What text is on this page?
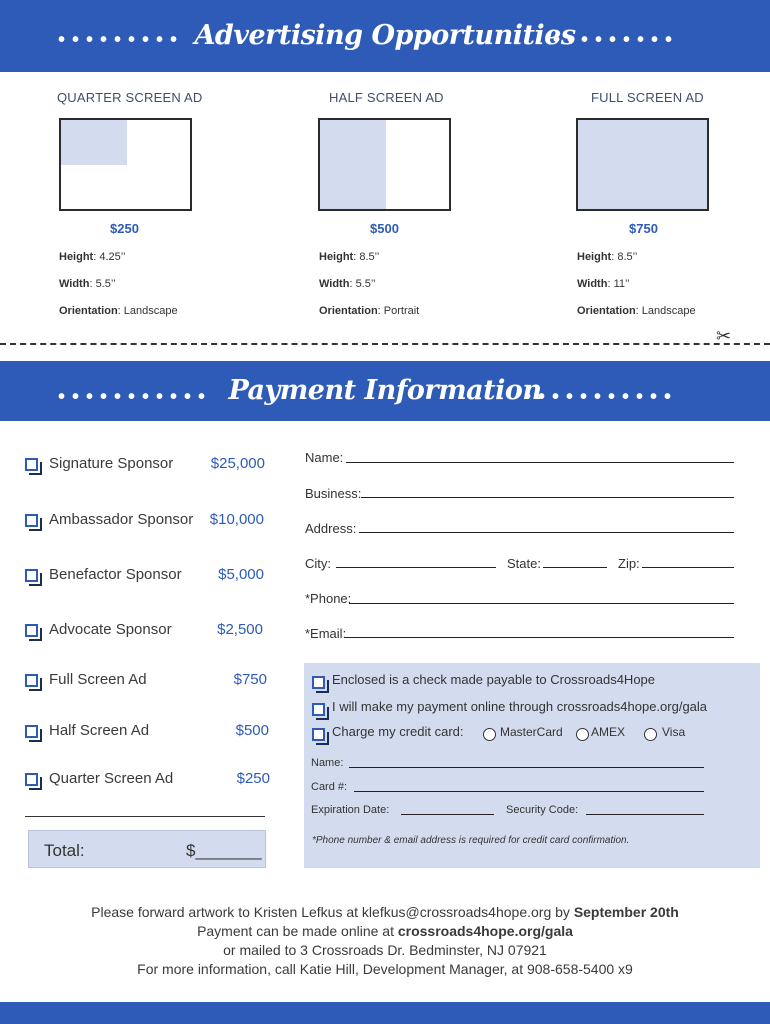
••••••••• Advertising Opportunities
•••••••••
QUARTER SCREEN AD
$250
Height: 4.25’’
Width: 5.5’’
Orientation: Landscape
HALF SCREEN AD
$500
Height: 8.5’’
Width: 5.5’’
Orientation: Portrait
FULL SCREEN AD
$750
Height: 8.5’’
Width: 11’’
Orientation: Landscape
✂
••••••••••• Payment Information
•••••••••••
Signature Sponsor	$25,000
Ambassador Sponsor $10,000
Benefactor Sponsor $5,000
Advocate Sponsor	$2,500
Full Screen Ad	$750
Half Screen Ad	$500
Quarter Screen Ad	$250
Total:	$_______
Name:
Business:
Address:
City:	State:	Zip:
*Phone:
*Email:
Enclosed is a check made payable to Crossroads4Hope
I will make my payment online through crossroads4hope.org/gala
Charge my credit card:	MasterCard AMEX	Visa
Name:
Card #:
Expiration Date:	Security Code:
*Phone number & email address is required for credit card confirmation.
Please forward artwork to Kristen Lefkus at klefkus@crossroads4hope.org by September 20th
Payment can be made online at crossroads4hope.org/gala
or mailed to 3 Crossroads Dr. Bedminster, NJ 07921
For more information, call Katie Hill, Development Manager, at 908-658-5400 x9
